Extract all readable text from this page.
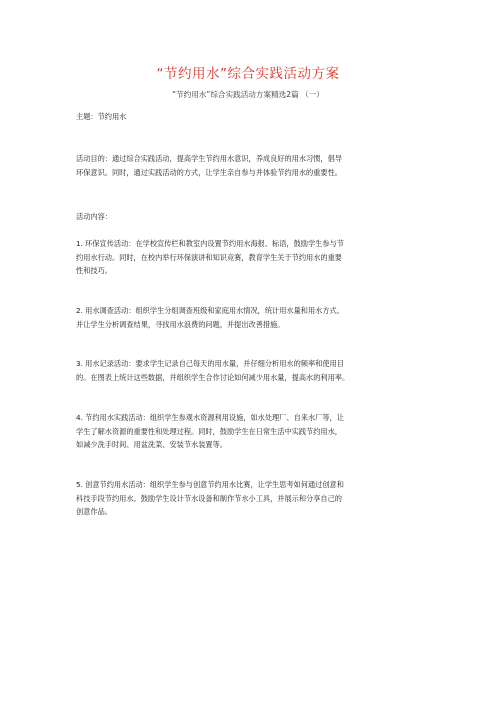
“节约用水”综合实践活动方案
“节约用水”综合实践活动方案精选2篇 （一）
主题：节约用水
活动目的：通过综合实践活动，提高学生节约用水意识，养成良好的用水习惯，倡导
环保意识。同时，通过实践活动的方式，让学生亲自参与并体验节约用水的重要性。
活动内容：
1. 环保宣传活动：在学校宣传栏和教室内设置节约用水海报、标语，鼓励学生参与节
约用水行动。同时，在校内举行环保演讲和知识竞赛，教育学生关于节约用水的重要
性和技巧。
2. 用水调查活动：组织学生分组调查班级和家庭用水情况，统计用水量和用水方式。
并让学生分析调查结果，寻找用水浪费的问题，并提出改善措施。
3. 用水记录活动：要求学生记录自己每天的用水量，并仔细分析用水的频率和使用目
的。在图表上统计这些数据，并组织学生合作讨论如何减少用水量，提高水的利用率。
4. 节约用水实践活动：组织学生参观水资源利用设施，如水处理厂、自来水厂等，让
学生了解水资源的重要性和处理过程。同时，鼓励学生在日常生活中实践节约用水，
如减少洗手时间、用盆洗菜、安装节水装置等。
5. 创意节约用水活动：组织学生参与创意节约用水比赛，让学生思考如何通过创意和
科技手段节约用水。鼓励学生设计节水设备和制作节水小工具，并展示和分享自己的
创意作品。
